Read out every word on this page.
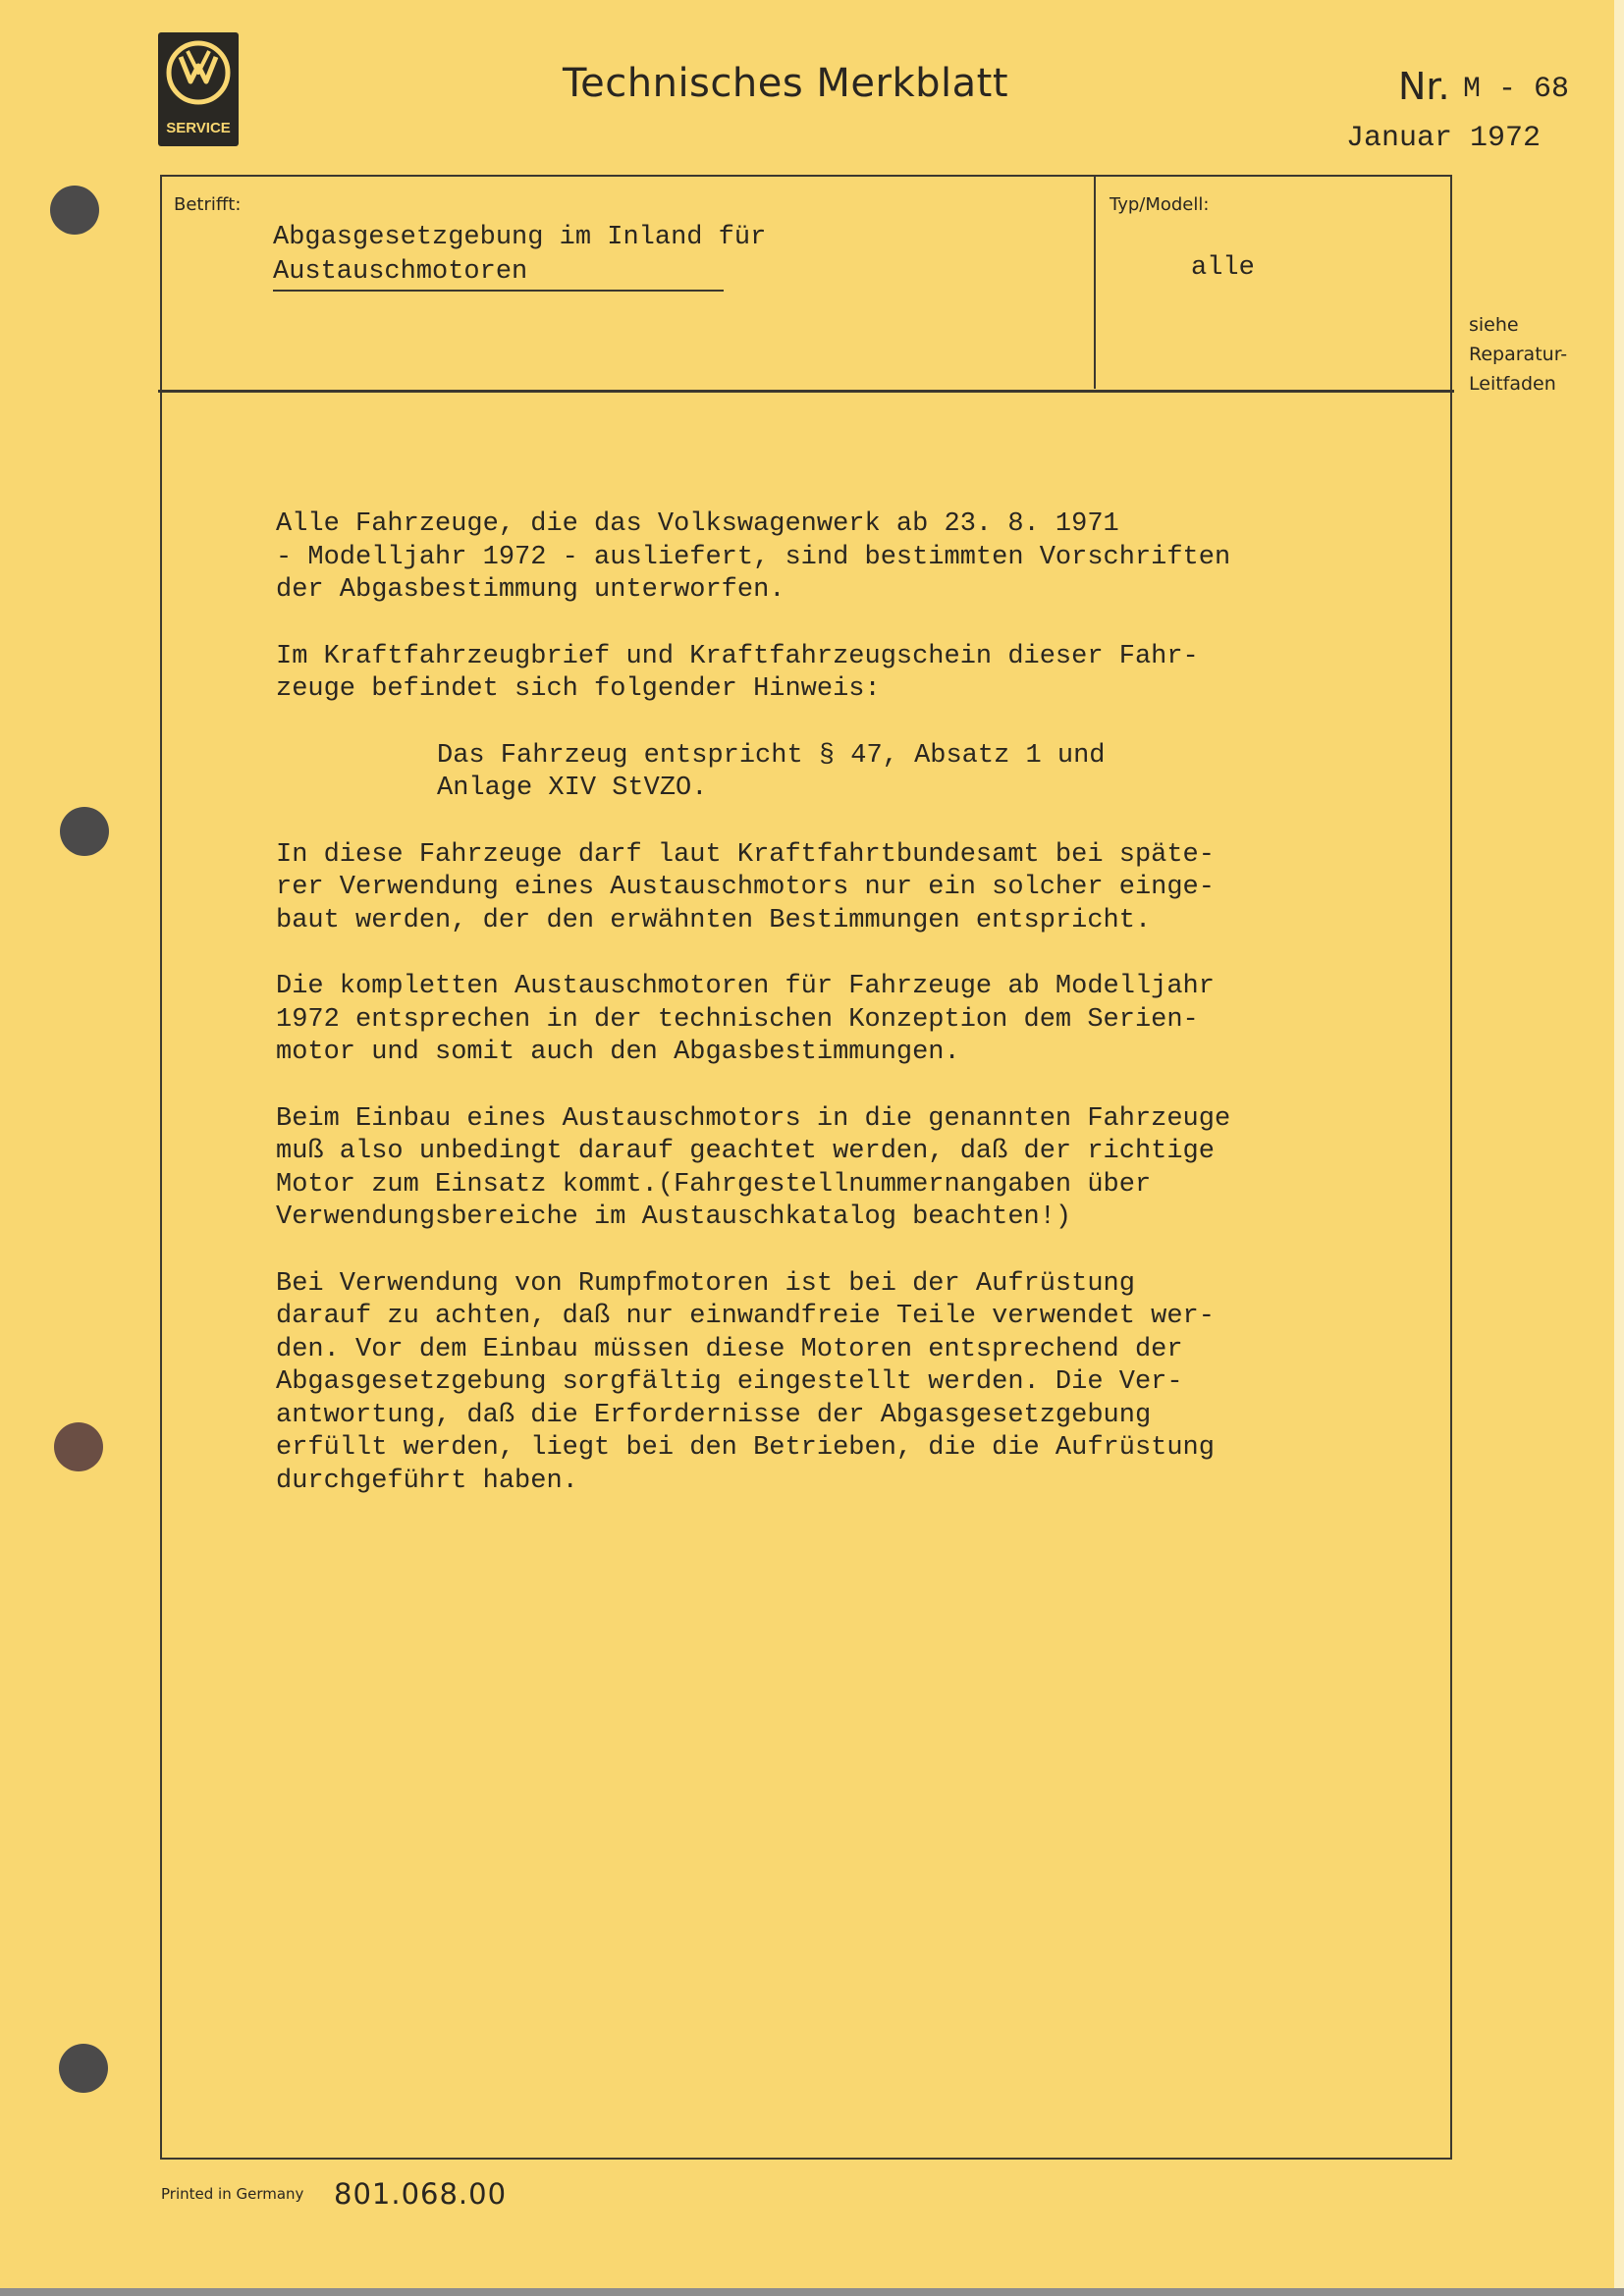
SERVICE
Technisches Merkblatt	Nr. M - 68
Januar 1972
Betrifft:
Abgasgesetzgebung im Inland für
Austauschmotoren
Typ/Modell:
alle
siehe
Reparatur-
Leitfaden

Alle Fahrzeuge, die das Volkswagenwerk ab 23. 8. 1971
- Modelljahr 1972 - ausliefert, sind bestimmten Vorschriften
der Abgasbestimmung unterworfen.

Im Kraftfahrzeugbrief und Kraftfahrzeugschein dieser Fahr-
zeuge befindet sich folgender Hinweis:

Das Fahrzeug entspricht § 47, Absatz 1 und
Anlage XIV StVZO.

In diese Fahrzeuge darf laut Kraftfahrtbundesamt bei späte-
rer Verwendung eines Austauschmotors nur ein solcher einge-
baut werden, der den erwähnten Bestimmungen entspricht.

Die kompletten Austauschmotoren für Fahrzeuge ab Modelljahr
1972 entsprechen in der technischen Konzeption dem Serien-
motor und somit auch den Abgasbestimmungen.

Beim Einbau eines Austauschmotors in die genannten Fahrzeuge
muß also unbedingt darauf geachtet werden, daß der richtige
Motor zum Einsatz kommt.(Fahrgestellnummernangaben über
Verwendungsbereiche im Austauschkatalog beachten!)

Bei Verwendung von Rumpfmotoren ist bei der Aufrüstung
darauf zu achten, daß nur einwandfreie Teile verwendet wer-
den. Vor dem Einbau müssen diese Motoren entsprechend der
Abgasgesetzgebung sorgfältig eingestellt werden. Die Ver-
antwortung, daß die Erfordernisse der Abgasgesetzgebung
erfüllt werden, liegt bei den Betrieben, die die Aufrüstung
durchgeführt haben.

Printed in Germany 801.068.00
